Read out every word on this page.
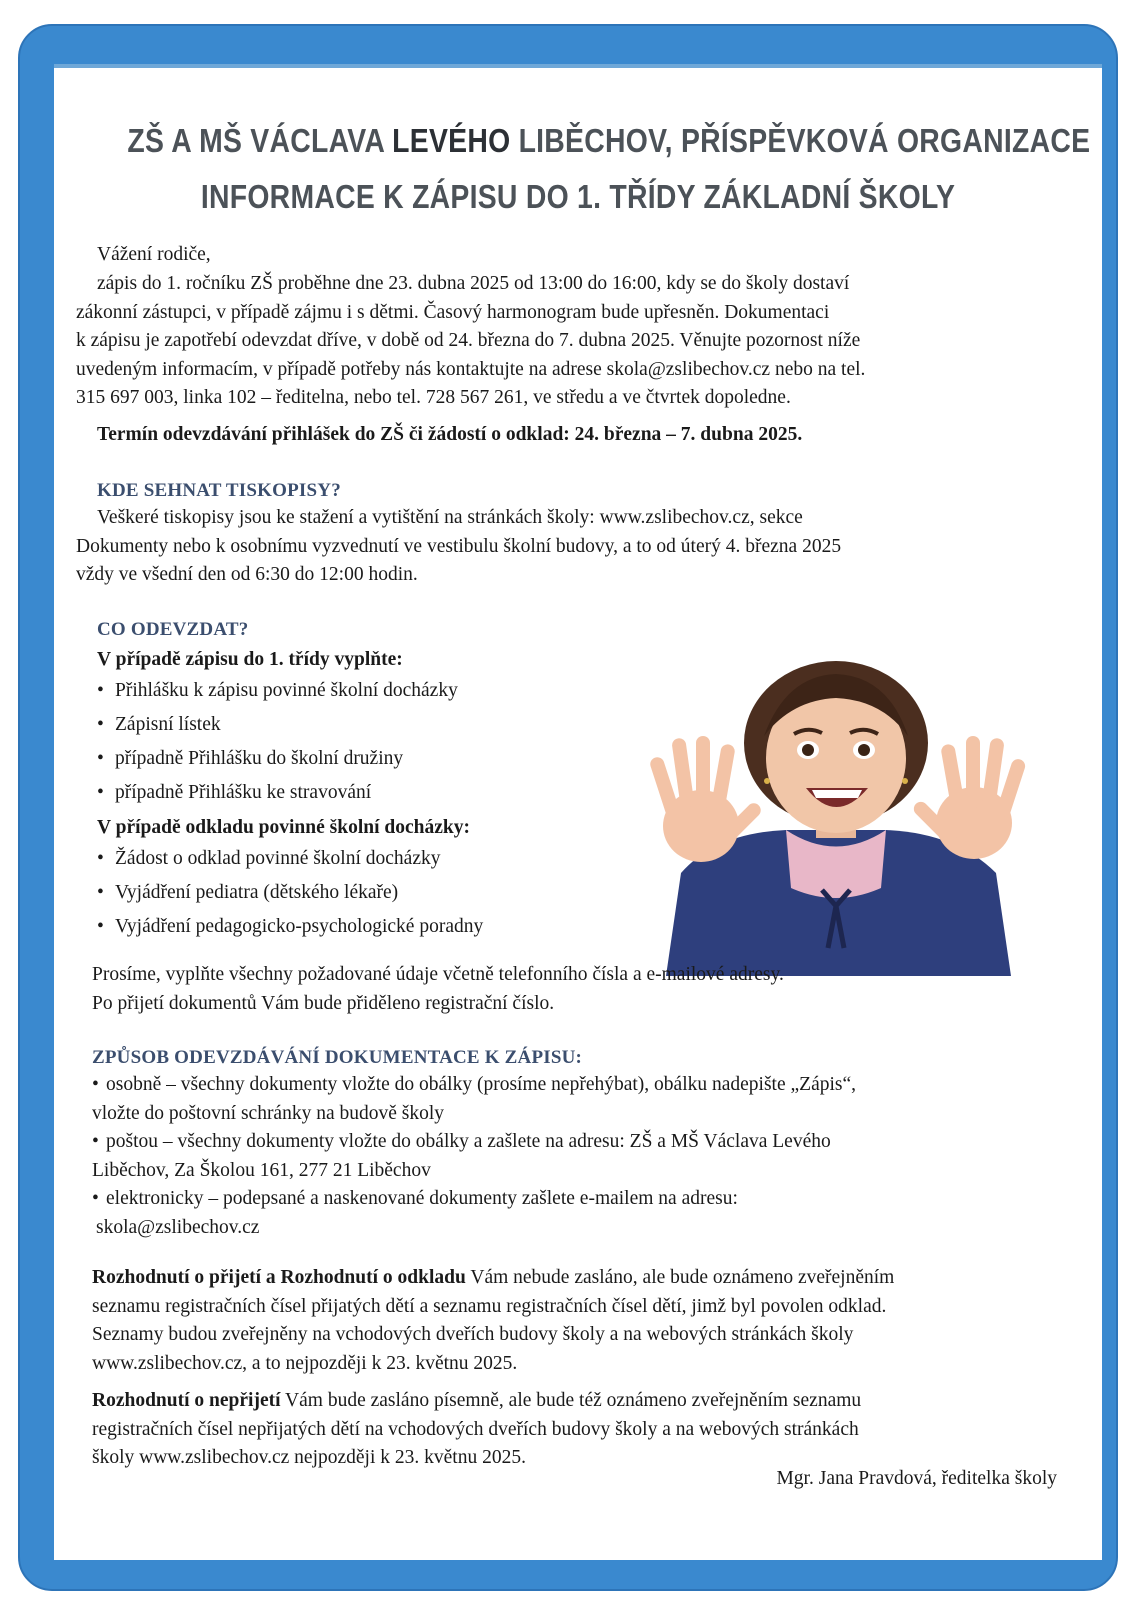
ZŠ A MŠ VÁCLAVA LEVÉHO LIBĚCHOV, PŘÍSPĚVKOVÁ ORGANIZACE
INFORMACE K ZÁPISU DO 1. TŘÍDY ZÁKLADNÍ ŠKOLY
Vážení rodiče,
zápis do 1. ročníku ZŠ proběhne dne 23. dubna 2025 od 13:00 do 16:00, kdy se do školy dostaví
zákonní zástupci, v případě zájmu i s dětmi. Časový harmonogram bude upřesněn. Dokumentaci
k zápisu je zapotřebí odevzdat dříve, v době od 24. března do 7. dubna 2025. Věnujte pozornost níže
uvedeným informacím, v případě potřeby nás kontaktujte na adrese skola@zslibechov.cz nebo na tel.
315 697 003, linka 102 – ředitelna, nebo tel. 728 567 261, ve středu a ve čtvrtek dopoledne.
Termín odevzdávání přihlášek do ZŠ či žádostí o odklad: 24. března – 7. dubna 2025.
KDE SEHNAT TISKOPISY?
Veškeré tiskopisy jsou ke stažení a vytištění na stránkách školy: www.zslibechov.cz, sekce
Dokumenty nebo k osobnímu vyzvednutí ve vestibulu školní budovy, a to od úterý 4. března 2025
vždy ve všední den od 6:30 do 12:00 hodin.
CO ODEVZDAT?
V případě zápisu do 1. třídy vyplňte:
• Přihlášku k zápisu povinné školní docházky
• Zápisní lístek
• případně Přihlášku do školní družiny
• případně Přihlášku ke stravování
V případě odkladu povinné školní docházky:
• Žádost o odklad povinné školní docházky
• Vyjádření pediatra (dětského lékaře)
• Vyjádření pedagogicko-psychologické poradny
Prosíme, vyplňte všechny požadované údaje včetně telefonního čísla a e-mailové adresy.
Po přijetí dokumentů Vám bude přiděleno registrační číslo.
ZPŮSOB ODEVZDÁVÁNÍ DOKUMENTACE K ZÁPISU:
• osobně – všechny dokumenty vložte do obálky (prosíme nepřehýbat), obálku nadepište „Zápis“,
vložte do poštovní schránky na budově školy
• poštou – všechny dokumenty vložte do obálky a zašlete na adresu: ZŠ a MŠ Václava Levého
Liběchov, Za Školou 161, 277 21 Liběchov
• elektronicky – podepsané a naskenované dokumenty zašlete e-mailem na adresu:
skola@zslibechov.cz
Rozhodnutí o přijetí a Rozhodnutí o odkladu Vám nebude zasláno, ale bude oznámeno zveřejněním
seznamu registračních čísel přijatých dětí a seznamu registračních čísel dětí, jimž byl povolen odklad.
Seznamy budou zveřejněny na vchodových dveřích budovy školy a na webových stránkách školy
www.zslibechov.cz, a to nejpozději k 23. květnu 2025.
Rozhodnutí o nepřijetí Vám bude zasláno písemně, ale bude též oznámeno zveřejněním seznamu
registračních čísel nepřijatých dětí na vchodových dveřích budovy školy a na webových stránkách
školy www.zslibechov.cz nejpozději k 23. květnu 2025.
Mgr. Jana Pravdová, ředitelka školy
